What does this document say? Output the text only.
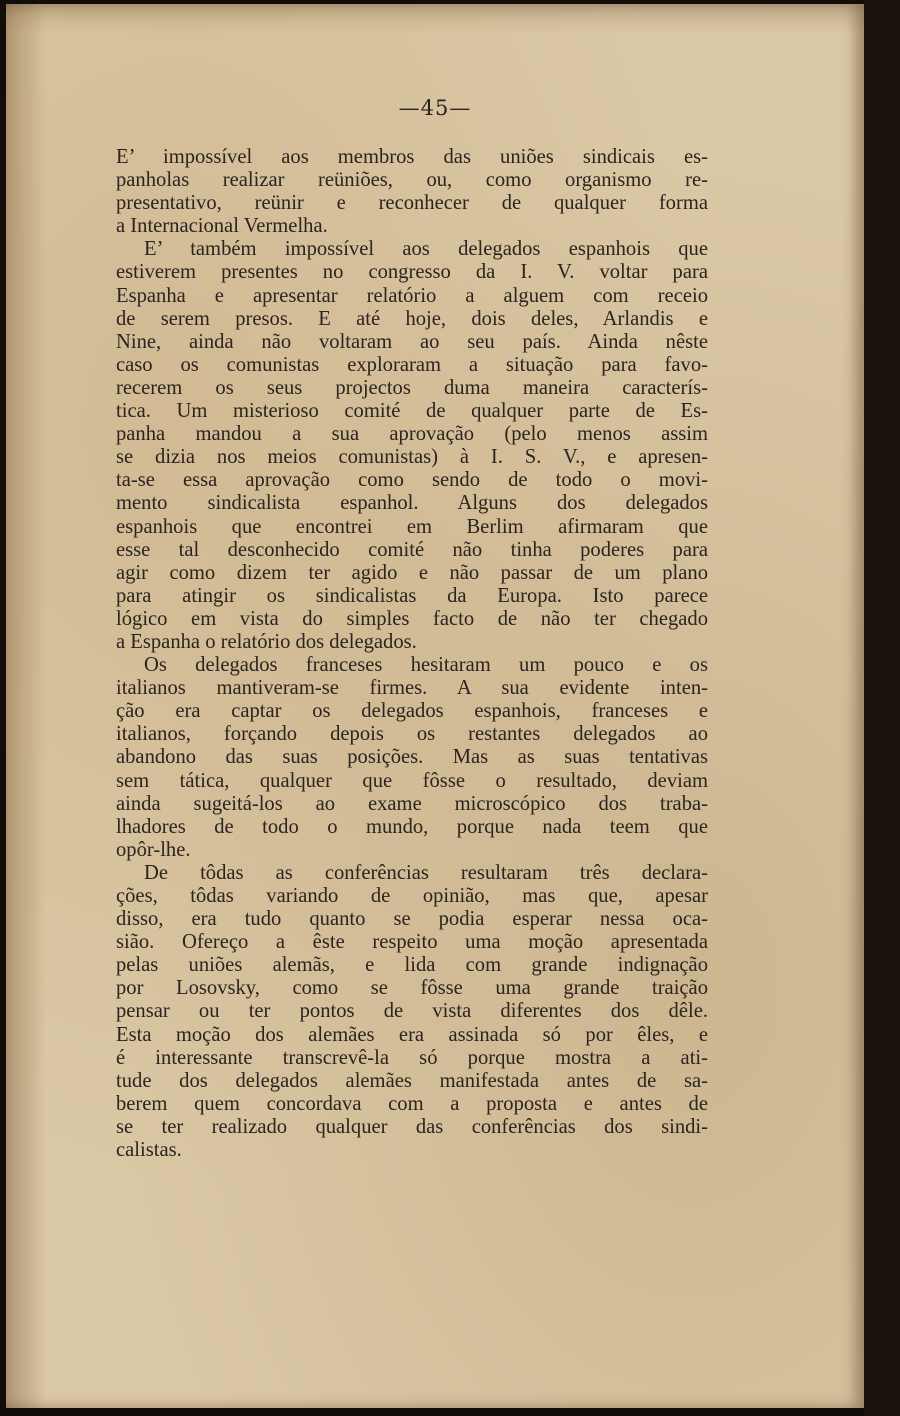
—45—

E’ impossível aos membros das uniões sindicais es-
panholas realizar reüniões, ou, como organismo re-
presentativo, reünir e reconhecer de qualquer forma
a Internacional Vermelha.

E’ também impossível aos delegados espanhois que
estiverem presentes no congresso da I. V. voltar para
Espanha e apresentar relatório a alguem com receio
de serem presos. E até hoje, dois deles, Arlandis e
Nine, ainda não voltaram ao seu país. Ainda nêste
caso os comunistas exploraram a situação para favo-
recerem os seus projectos duma maneira caracterís-
tica. Um misterioso comité de qualquer parte de Es-
panha mandou a sua aprovação (pelo menos assim
se dizia nos meios comunistas) à I. S. V., e apresen-
ta-se essa aprovação como sendo de todo o movi-
mento sindicalista espanhol. Alguns dos delegados
espanhois que encontrei em Berlim afirmaram que
esse tal desconhecido comité não tinha poderes para
agir como dizem ter agido e não passar de um plano
para atingir os sindicalistas da Europa. Isto parece
lógico em vista do simples facto de não ter chegado
a Espanha o relatório dos delegados.

Os delegados franceses hesitaram um pouco e os
italianos mantiveram-se firmes. A sua evidente inten-
ção era captar os delegados espanhois, franceses e
italianos, forçando depois os restantes delegados ao
abandono das suas posições. Mas as suas tentativas
sem tática, qualquer que fôsse o resultado, deviam
ainda sugeitá-los ao exame microscópico dos traba-
lhadores de todo o mundo, porque nada teem que
opôr-lhe.

De tôdas as conferências resultaram três declara-
ções, tôdas variando de opinião, mas que, apesar
disso, era tudo quanto se podia esperar nessa oca-
sião. Ofereço a êste respeito uma moção apresentada
pelas uniões alemãs, e lida com grande indignação
por Losovsky, como se fôsse uma grande traição
pensar ou ter pontos de vista diferentes dos dêle.
Esta moção dos alemães era assinada só por êles, e
é interessante transcrevê-la só porque mostra a ati-
tude dos delegados alemães manifestada antes de sa-
berem quem concordava com a proposta e antes de
se ter realizado qualquer das conferências dos sindi-
calistas.
